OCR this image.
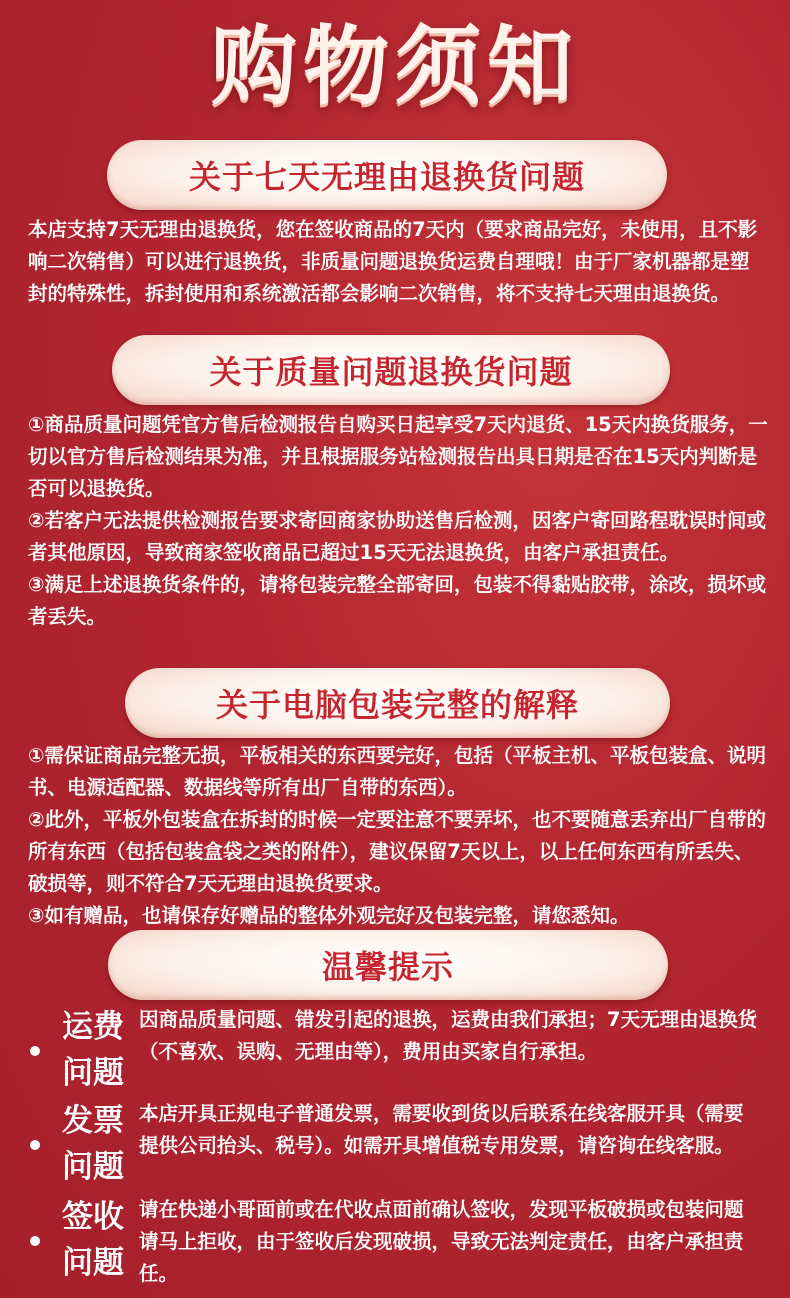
购物须知
关于七天无理由退换货问题

本店支持7天无理由退换货，您在签收商品的7天内（要求商品完好，未使用，且不影响二次销售）可以进行退换货，非质量问题退换货运费自理哦！由于厂家机器都是塑封的特殊性，拆封使用和系统激活都会影响二次销售，将不支持七天理由退换货。

关于质量问题退换货问题

①商品质量问题凭官方售后检测报告自购买日起享受7天内退货、15天内换货服务，一切以官方售后检测结果为准，并且根据服务站检测报告出具日期是否在15天内判断是否可以退换货。
②若客户无法提供检测报告要求寄回商家协助送售后检测，因客户寄回路程耽误时间或者其他原因，导致商家签收商品已超过15天无法退换货，由客户承担责任。
③满足上述退换货条件的，请将包装完整全部寄回，包装不得黏贴胶带，涂改，损坏或者丢失。

关于电脑包装完整的解释

①需保证商品完整无损，平板相关的东西要完好，包括（平板主机、平板包装盒、说明书、电源适配器、数据线等所有出厂自带的东西）。
②此外，平板外包装盒在拆封的时候一定要注意不要弄坏，也不要随意丢弃出厂自带的所有东西（包括包装盒袋之类的附件），建议保留7天以上，以上任何东西有所丢失、破损等，则不符合7天无理由退换货要求。
③如有赠品，也请保存好赠品的整体外观完好及包装完整，请您悉知。

温馨提示
运费
问题
因商品质量问题、错发引起的退换，运费由我们承担；7天无理由退换货（不喜欢、误购、无理由等），费用由买家自行承担。
发票
问题
本店开具正规电子普通发票，需要收到货以后联系在线客服开具（需要提供公司抬头、税号）。如需开具增值税专用发票，请咨询在线客服。
签收
问题
请在快递小哥面前或在代收点面前确认签收，发现平板破损或包装问题请马上拒收，由于签收后发现破损，导致无法判定责任，由客户承担责任。
